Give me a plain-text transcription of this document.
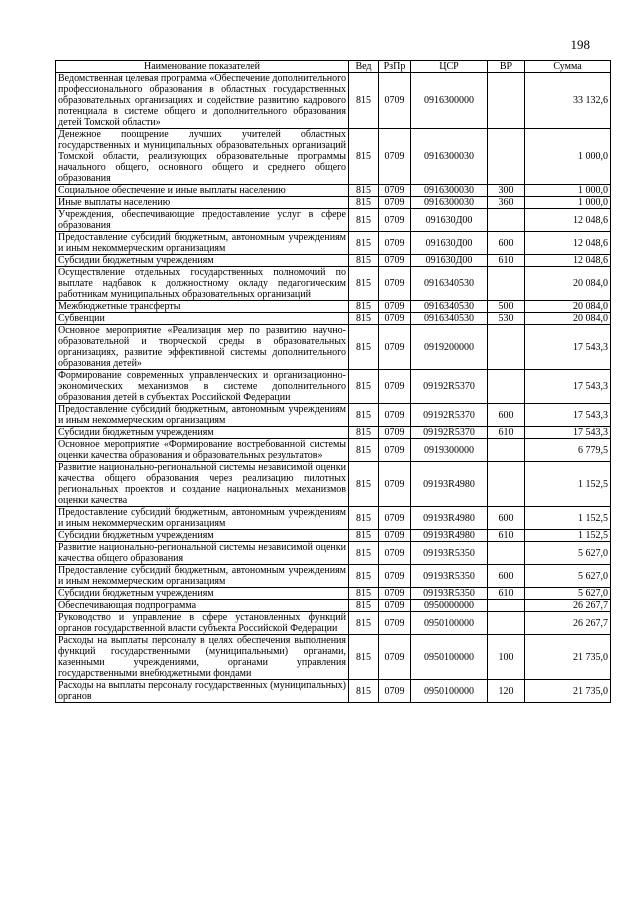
198
Наименование показателей	Вед	РзПр	ЦСР	ВР	Сумма
Ведомственная целевая программа «Обеспечение дополнительного профессионального образования в областных государственных образовательных организациях и содействие развитию кадрового потенциала в системе общего и дополнительного образования детей Томской области»	815	0709	0916300000		33 132,6
Денежное поощрение лучших учителей областных государственных и муниципальных образовательных организаций Томской области, реализующих образовательные программы начального общего, основного общего и среднего общего образования	815	0709	0916300030		1 000,0
Социальное обеспечение и иные выплаты населению	815	0709	0916300030	300	1 000,0
Иные выплаты населению	815	0709	0916300030	360	1 000,0
Учреждения, обеспечивающие предоставление услуг в сфере образования	815	0709	091630Д00		12 048,6
Предоставление субсидий бюджетным, автономным учреждениям и иным некоммерческим организациям	815	0709	091630Д00	600	12 048,6
Субсидии бюджетным учреждениям	815	0709	091630Д00	610	12 048,6
Осуществление отдельных государственных полномочий по выплате надбавок к должностному окладу педагогическим работникам муниципальных образовательных организаций	815	0709	0916340530		20 084,0
Межбюджетные трансферты	815	0709	0916340530	500	20 084,0
Субвенции	815	0709	0916340530	530	20 084,0
Основное мероприятие «Реализация мер по развитию научно-образовательной и творческой среды в образовательных организациях, развитие эффективной системы дополнительного образования детей»	815	0709	0919200000		17 543,3
Формирование современных управленческих и организационно-экономических механизмов в системе дополнительного образования детей в субъектах Российской Федерации	815	0709	09192R5370		17 543,3
Предоставление субсидий бюджетным, автономным учреждениям и иным некоммерческим организациям	815	0709	09192R5370	600	17 543,3
Субсидии бюджетным учреждениям	815	0709	09192R5370	610	17 543,3
Основное мероприятие «Формирование востребованной системы оценки качества образования и образовательных результатов»	815	0709	0919300000		6 779,5
Развитие национально-региональной системы независимой оценки качества общего образования через реализацию пилотных региональных проектов и создание национальных механизмов оценки качества	815	0709	09193R4980		1 152,5
Предоставление субсидий бюджетным, автономным учреждениям и иным некоммерческим организациям	815	0709	09193R4980	600	1 152,5
Субсидии бюджетным учреждениям	815	0709	09193R4980	610	1 152,5
Развитие национально-региональной системы независимой оценки качества общего образования	815	0709	09193R5350		5 627,0
Предоставление субсидий бюджетным, автономным учреждениям и иным некоммерческим организациям	815	0709	09193R5350	600	5 627,0
Субсидии бюджетным учреждениям	815	0709	09193R5350	610	5 627,0
Обеспечивающая подпрограмма	815	0709	0950000000		26 267,7
Руководство и управление в сфере установленных функций органов государственной власти субъекта Российской Федерации	815	0709	0950100000		26 267,7
Расходы на выплаты персоналу в целях обеспечения выполнения функций государственными (муниципальными) органами, казенными учреждениями, органами управления государственными внебюджетными фондами	815	0709	0950100000	100	21 735,0
Расходы на выплаты персоналу государственных (муниципальных) органов	815	0709	0950100000	120	21 735,0
